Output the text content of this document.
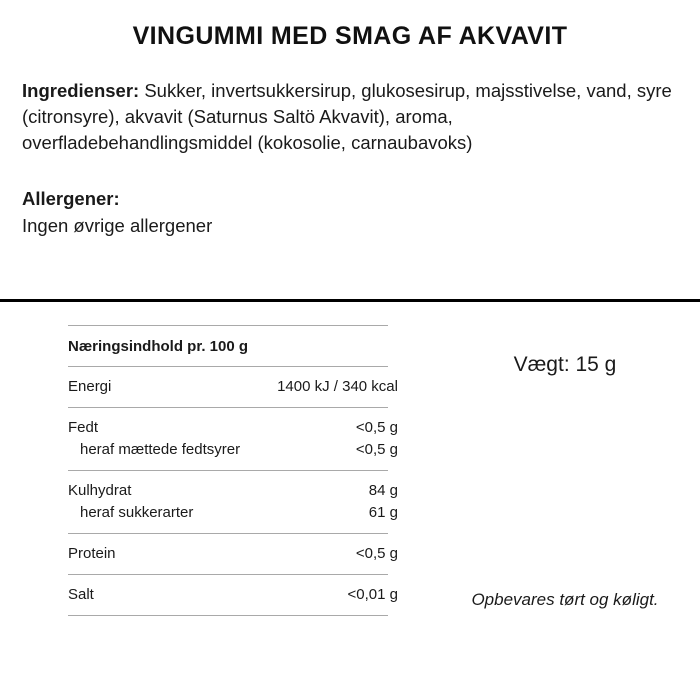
VINGUMMI MED SMAG AF AKVAVIT
Ingredienser: Sukker, invertsukkersirup, glukosesirup, majsstivelse, vand, syre (citronsyre), akvavit (Saturnus Saltö Akvavit), aroma, overfladebehandlingsmiddel (kokosolie, carnaubavoks)
Allergener:
Ingen øvrige allergener
Næringsindhold pr. 100 g
Energi	1400 kJ / 340 kcal
Fedt	<0,5 g
heraf mættede fedtsyrer	<0,5 g
Kulhydrat	84 g
heraf sukkerarter	61 g
Protein	<0,5 g
Salt	<0,01 g
Vægt: 15 g
Opbevares tørt og køligt.
